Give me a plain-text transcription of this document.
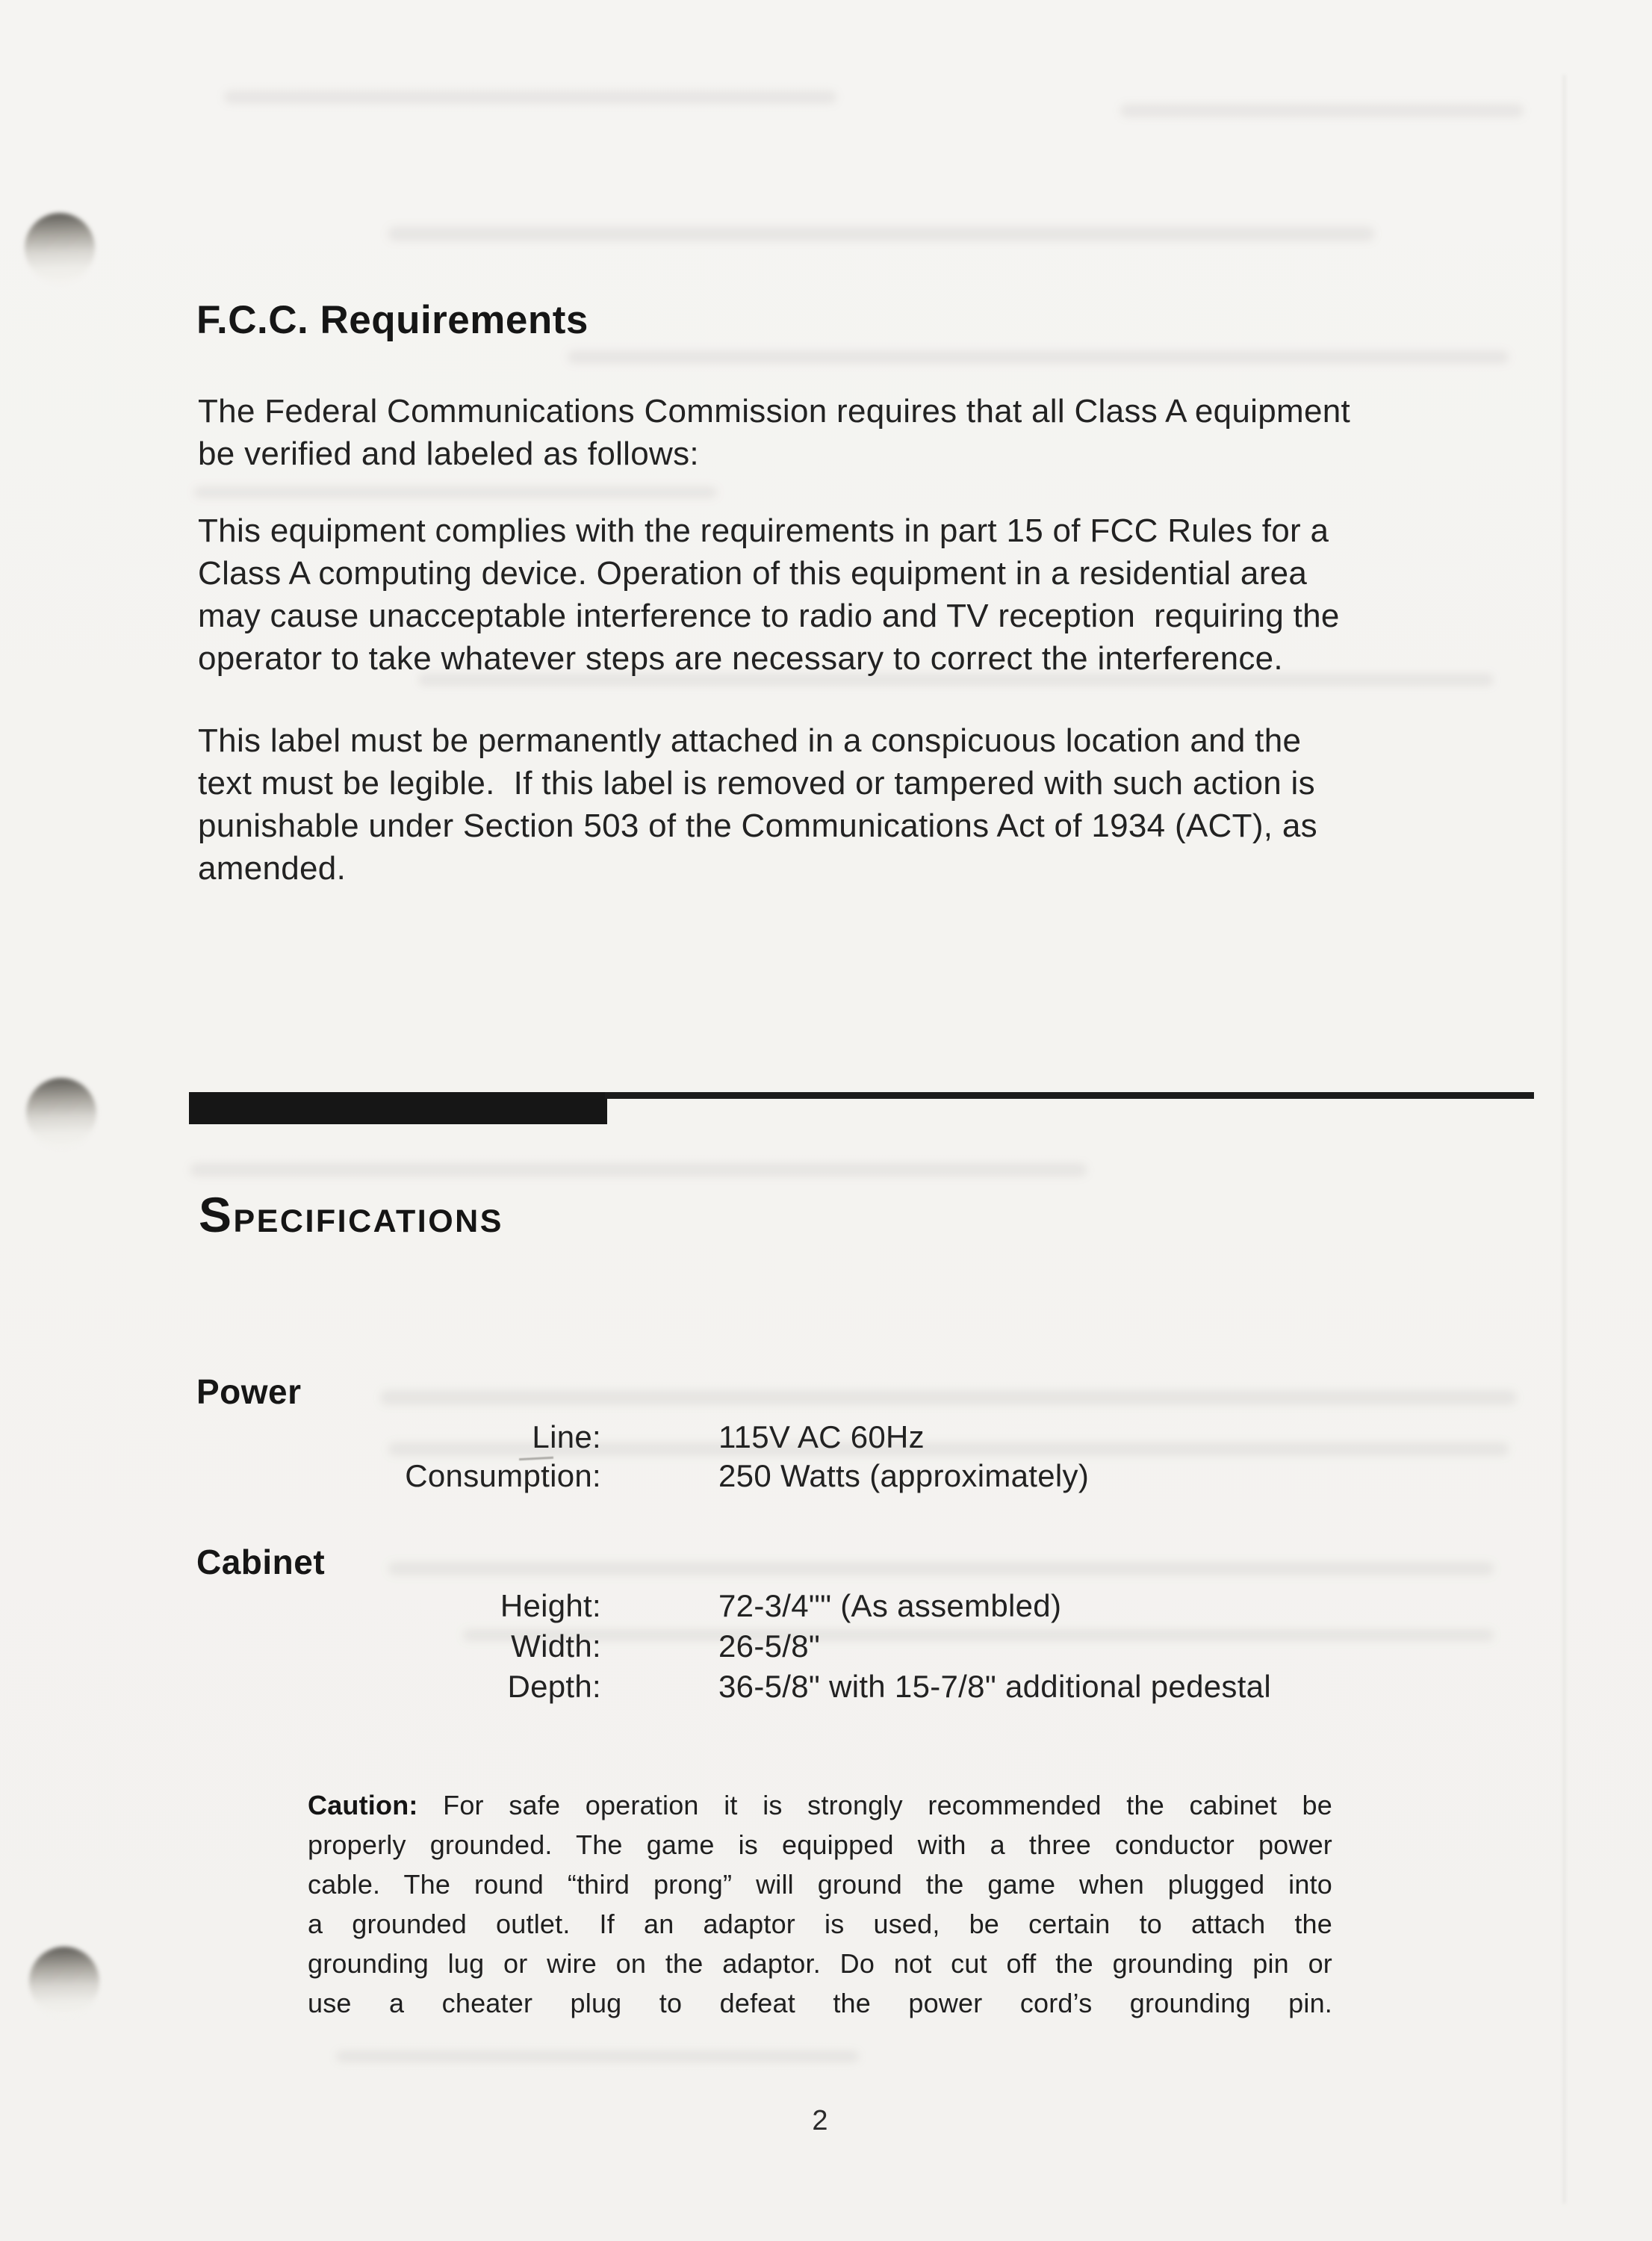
F.C.C. Requirements
The Federal Communications Commission requires that all Class A equipment
be verified and labeled as follows:
This equipment complies with the requirements in part 15 of FCC Rules for a
Class A computing device. Operation of this equipment in a residential area
may cause unacceptable interference to radio and TV reception  requiring the
operator to take whatever steps are necessary to correct the interference.
This label must be permanently attached in a conspicuous location and the
text must be legible.  If this label is removed or tampered with such action is
punishable under Section 503 of the Communications Act of 1934 (ACT), as
amended.
SPECIFICATIONS
Power
Line:	115V AC 60Hz
Consumption:	250 Watts (approximately)
Cabinet
Height:	72-3/4"" (As assembled)
Width:	26-5/8"
Depth:	36-5/8" with 15-7/8" additional pedestal
Caution: For safe operation it is strongly recommended the cabinet be
properly grounded. The game is equipped with a three conductor power
cable. The round “third prong” will ground the game when plugged into
a grounded outlet. If an adaptor is used, be certain to attach the
grounding lug or wire on the adaptor. Do not cut off the grounding pin or
use a cheater plug to defeat the power cord’s grounding pin.
2
